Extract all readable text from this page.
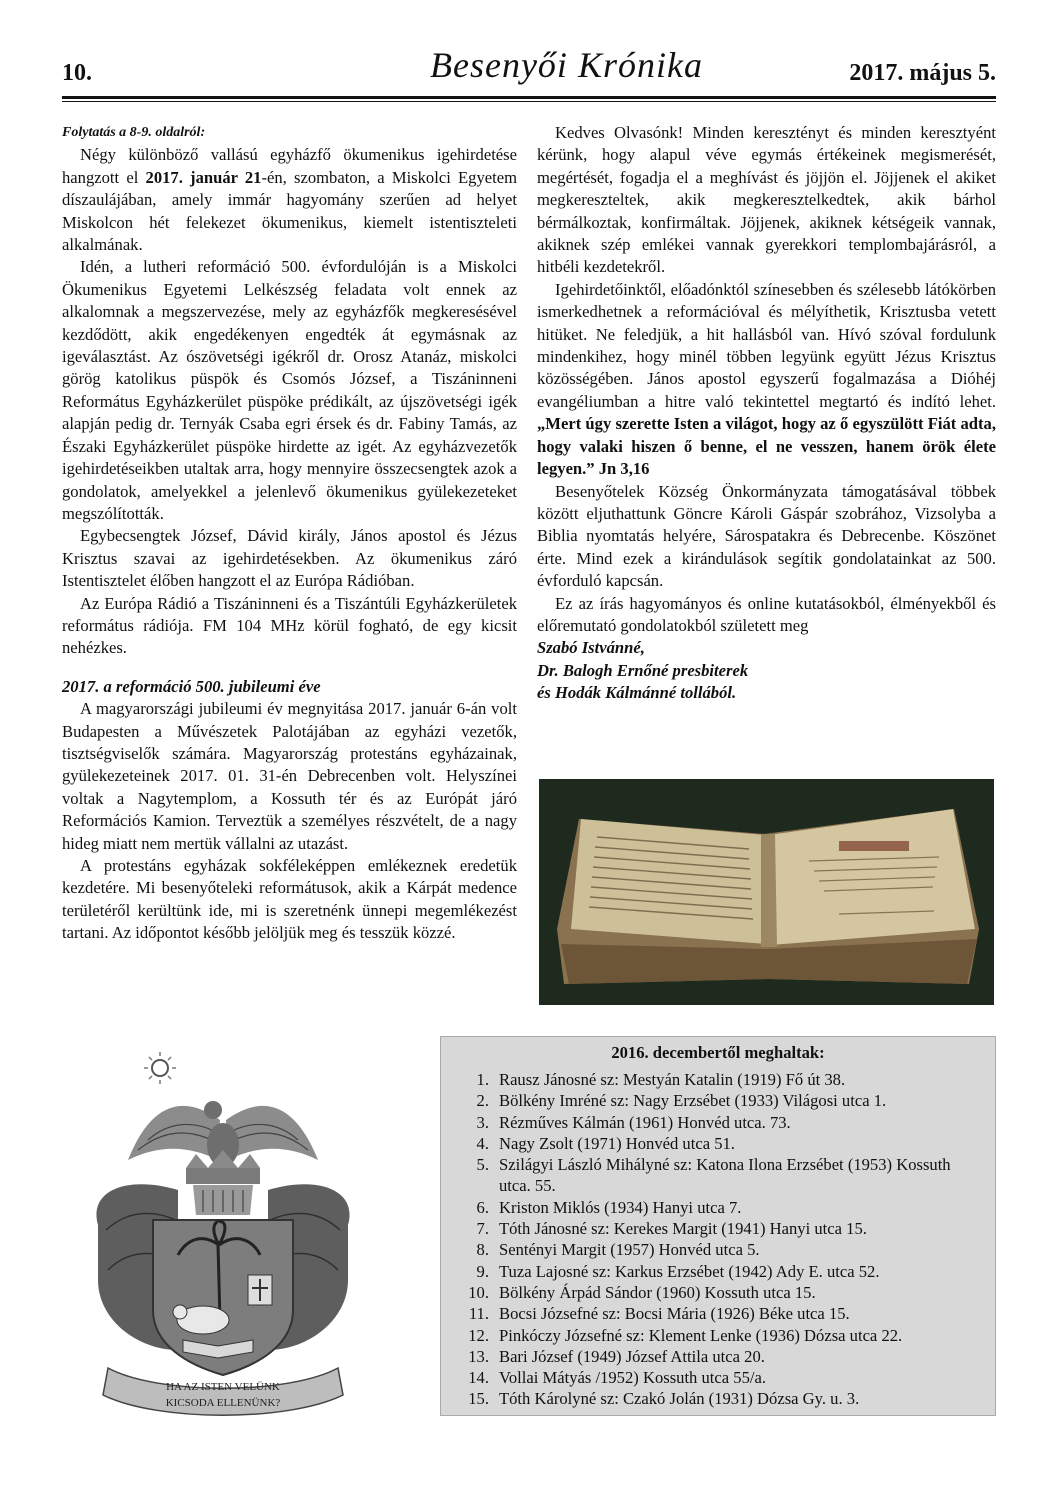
10.	Besenyői Krónika	2017. május 5.

Folytatás a 8-9. oldalról:

Négy különböző vallású egyházfő ökumenikus igehirdetése hangzott el 2017. január 21-én, szombaton, a Miskolci Egyetem díszaulájában, amely immár hagyomány szerűen ad helyet Miskolcon hét felekezet ökumenikus, kiemelt istentiszteleti alkalmának.

Idén, a lutheri reformáció 500. évfordulóján is a Miskolci Ökumenikus Egyetemi Lelkészség feladata volt ennek az alkalomnak a megszervezése, mely az egyházfők megkeresésével kezdődött, akik engedékenyen engedték át egymásnak az igeválasztást. Az ószövetségi igékről dr. Orosz Atanáz, miskolci görög katolikus püspök és Csomós József, a Tiszáninneni Református Egyházkerület püspöke prédikált, az újszövetségi igék alapján pedig dr. Ternyák Csaba egri érsek és dr. Fabiny Tamás, az Északi Egyházkerület püspöke hirdette az igét. Az egyházvezetők igehirdetéseikben utaltak arra, hogy mennyire összecsengtek azok a gondolatok, amelyekkel a jelenlevő ökumenikus gyülekezeteket megszólították.

Egybecsengtek József, Dávid király, János apostol és Jézus Krisztus szavai az igehirdetésekben. Az ökumenikus záró Istentisztelet élőben hangzott el az Európa Rádióban.

Az Európa Rádió a Tiszáninneni és a Tiszántúli Egyházkerületek református rádiója. FM 104 MHz körül fogható, de egy kicsit nehézkes.

2017. a reformáció 500. jubileumi éve

A magyarországi jubileumi év megnyitása 2017. január 6-án volt Budapesten a Művészetek Palotájában az egyházi vezetők, tisztségviselők számára. Magyarország protestáns egyházainak, gyülekezeteinek 2017. 01. 31-én Debrecenben volt. Helyszínei voltak a Nagytemplom, a Kossuth tér és az Európát járó Reformációs Kamion. Terveztük a személyes részvételt, de a nagy hideg miatt nem mertük vállalni az utazást.

A protestáns egyházak sokféleképpen emlékeznek eredetük kezdetére. Mi besenyőteleki reformátusok, akik a Kárpát medence területéről kerültünk ide, mi is szeretnénk ünnepi megemlékezést tartani. Az időpontot később jelöljük meg és tesszük közzé.

Kedves Olvasónk! Minden keresztényt és minden keresztyént kérünk, hogy alapul véve egymás értékeinek megismerését, megértését, fogadja el a meghívást és jöjjön el. Jöjjenek el akiket megkereszteltek, akik megkeresztelkedtek, akik bárhol bérmálkoztak, konfirmáltak. Jöjjenek, akiknek kétségeik vannak, akiknek szép emlékei vannak gyerekkori templombajárásról, a hitbéli kezdetekről.

Igehirdetőinktől, előadónktól színesebben és szélesebb látókörben ismerkedhetnek a reformációval és mélyíthetik, Krisztusba vetett hitüket. Ne feledjük, a hit hallásból van. Hívó szóval fordulunk mindenkihez, hogy minél többen legyünk együtt Jézus Krisztus közösségében. János apostol egyszerű fogalmazása a Dióhéj evangéliumban a hitre való tekintettel megtartó és indító lehet. „Mert úgy szerette Isten a világot, hogy az ő egyszülött Fiát adta, hogy valaki hiszen ő benne, el ne vesszen, hanem örök élete legyen.” Jn 3,16

Besenyőtelek Község Önkormányzata támogatásával többek között eljuthattunk Göncre Károli Gáspár szobrához, Vizsolyba a Biblia nyomtatás helyére, Sárospatakra és Debrecenbe. Köszönet érte. Mind ezek a kirándulások segítik gondolatainkat az 500. évforduló kapcsán.

Ez az írás hagyományos és online kutatásokból, élményekből és előremutató gondolatokból született meg

Szabó Istvánné,

Dr. Balogh Ernőné presbiterek

és Hodák Kálmánné tollából.

HA AZ ISTEN VELÜNK
KICSODA ELLENÜNK?
2016. decembertől meghaltak:
1. Rausz Jánosné sz: Mestyán Katalin (1919) Fő út 38.
2. Bölkény Imréné sz: Nagy Erzsébet (1933) Világosi utca 1.
3. Rézműves Kálmán (1961) Honvéd utca. 73.
4. Nagy Zsolt (1971) Honvéd utca 51.
5. Szilágyi László Mihályné sz: Katona Ilona Erzsébet (1953) Kossuth utca. 55.
6. Kriston Miklós (1934) Hanyi utca 7.
7. Tóth Jánosné sz: Kerekes Margit (1941) Hanyi utca 15.
8. Sentényi Margit (1957) Honvéd utca 5.
9. Tuza Lajosné sz: Karkus Erzsébet (1942) Ady E. utca 52.
10. Bölkény Árpád Sándor (1960) Kossuth utca 15.
11. Bocsi Józsefné sz: Bocsi Mária (1926) Béke utca 15.
12. Pinkóczy Józsefné sz: Klement Lenke (1936) Dózsa utca 22.
13. Bari József (1949) József Attila utca 20.
14. Vollai Mátyás /1952) Kossuth utca 55/a.
15. Tóth Károlyné sz: Czakó Jolán (1931) Dózsa Gy. u. 3.
